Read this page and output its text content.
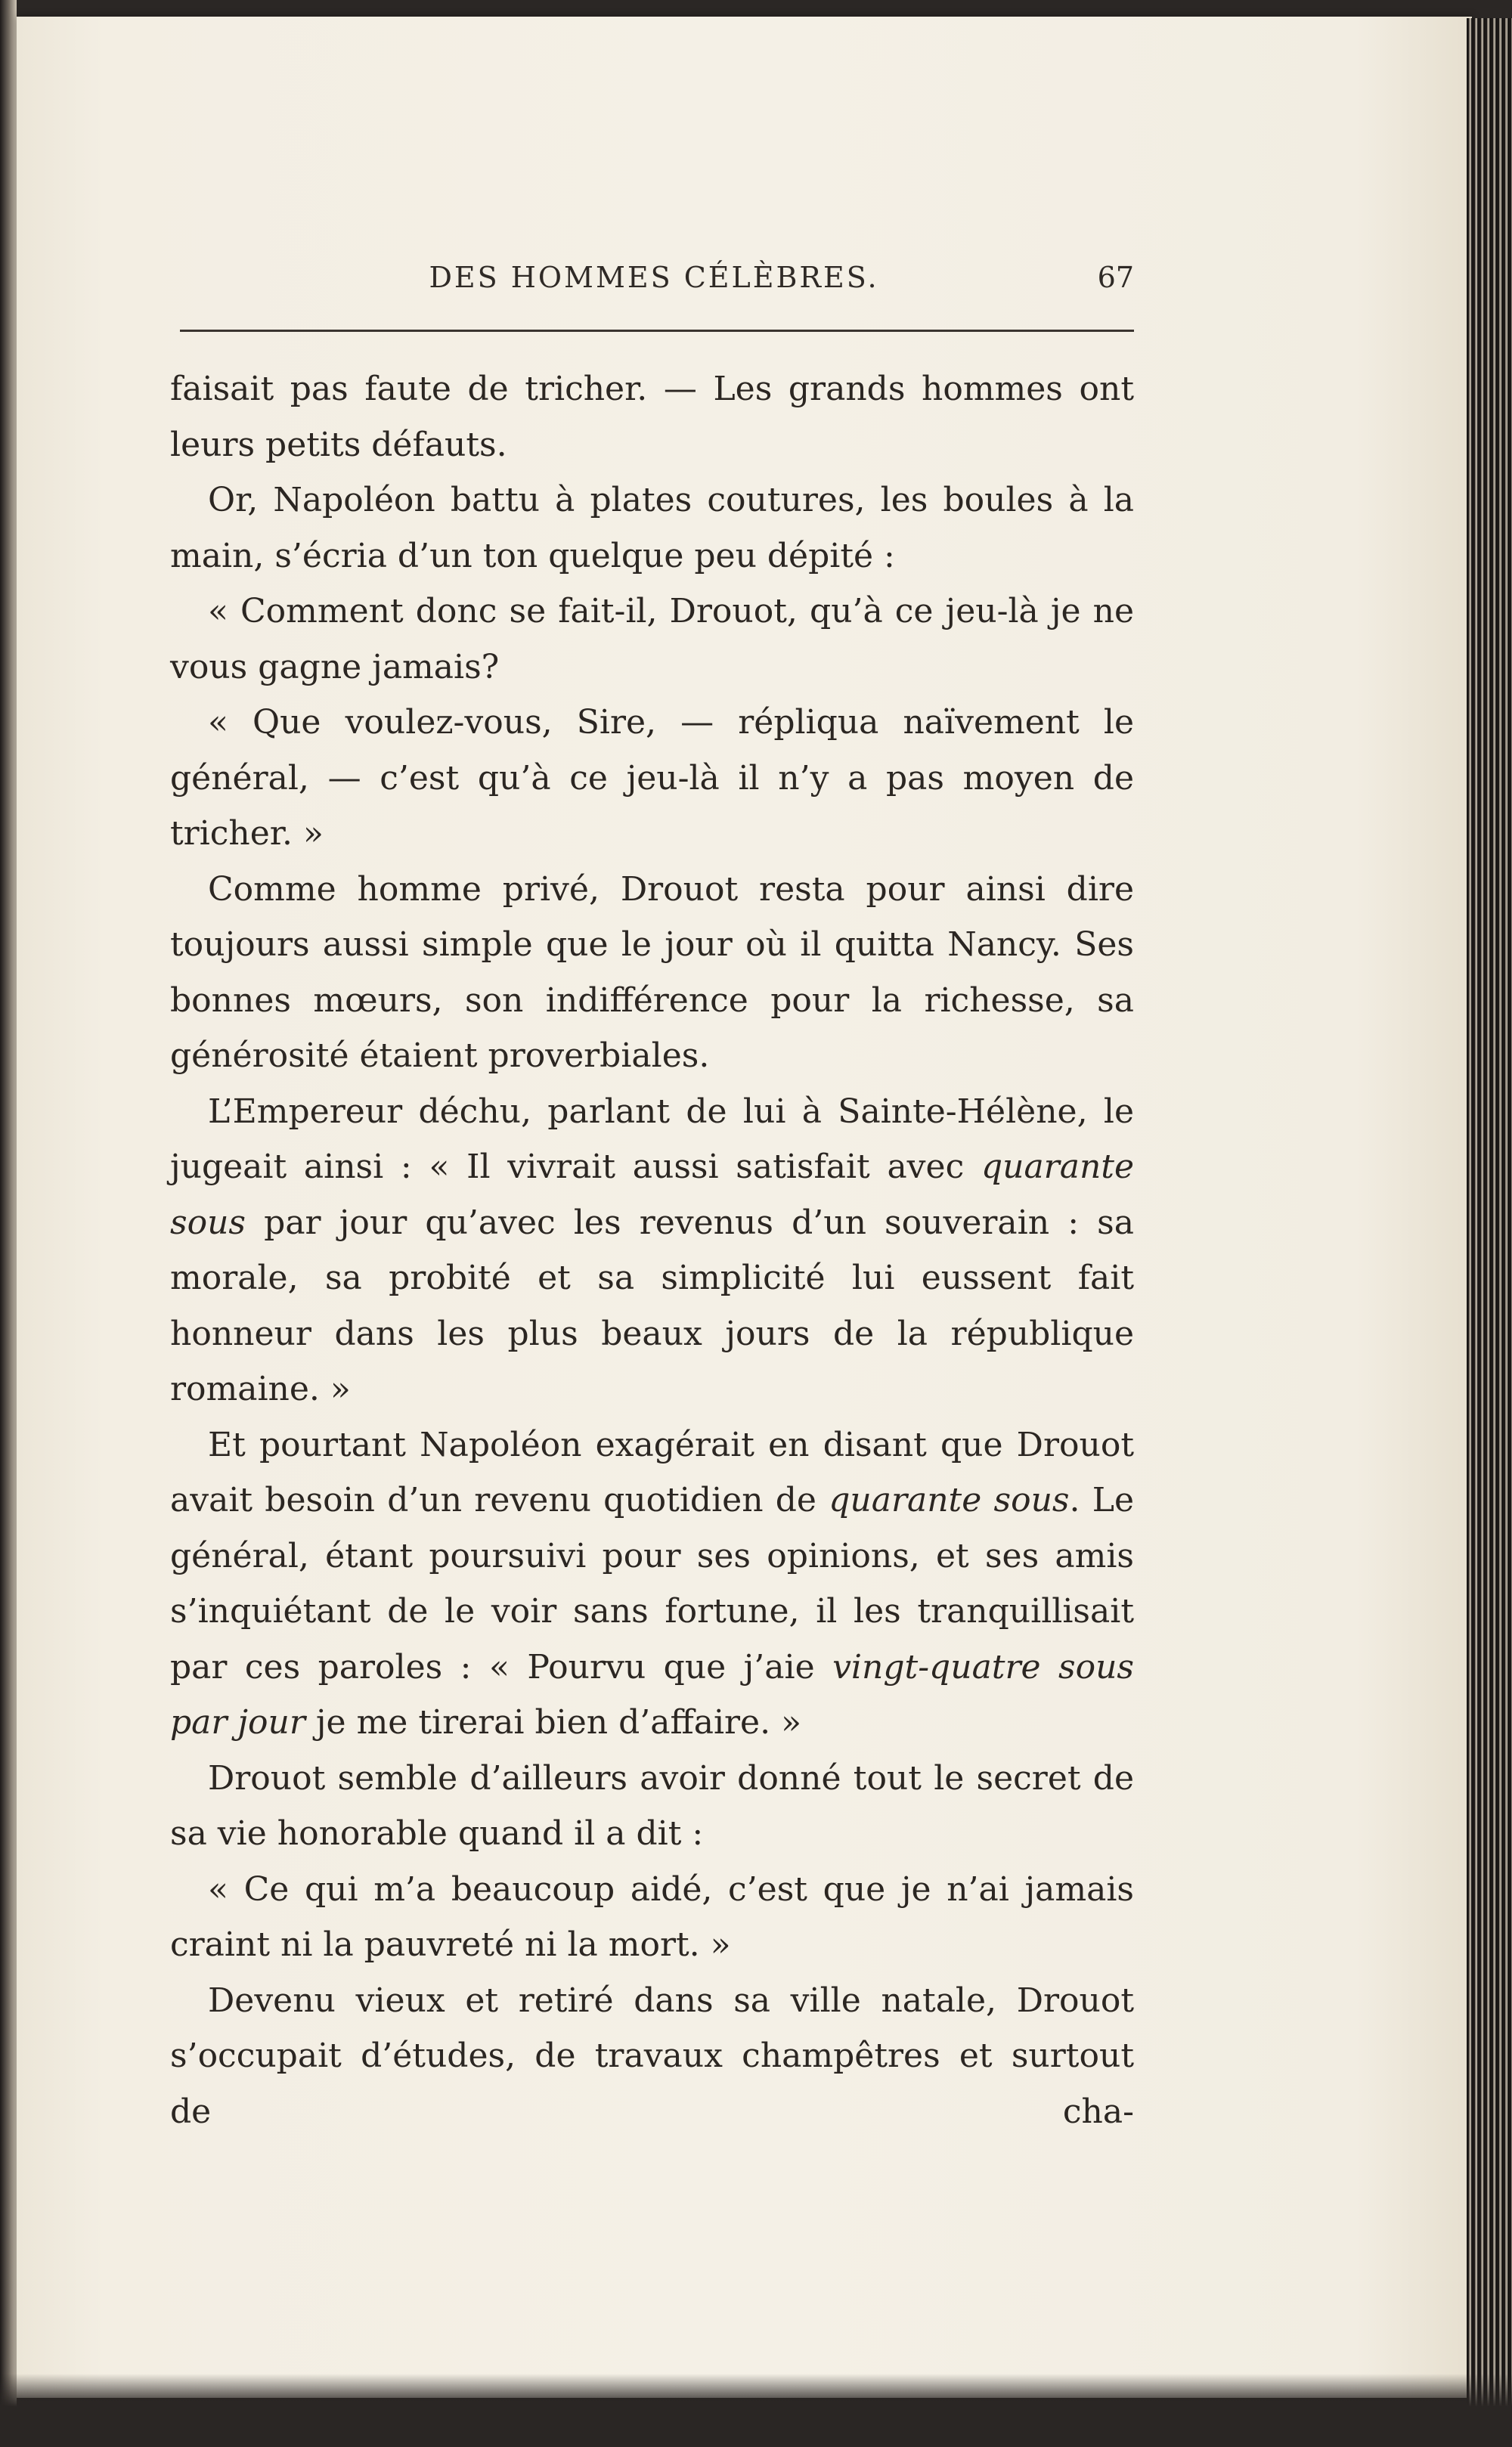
DES HOMMES CÉLÈBRES.	67

faisait pas faute de tricher. — Les grands hommes ont leurs petits défauts.

Or, Napoléon battu à plates coutures, les boules à la main, s’écria d’un ton quelque peu dépité :

« Comment donc se fait-il, Drouot, qu’à ce jeu-là je ne vous gagne jamais?

« Que voulez-vous, Sire, — répliqua naïvement le général, — c’est qu’à ce jeu-là il n’y a pas moyen de tricher. »

Comme homme privé, Drouot resta pour ainsi dire toujours aussi simple que le jour où il quitta Nancy. Ses bonnes mœurs, son indifférence pour la richesse, sa générosité étaient proverbiales.

L’Empereur déchu, parlant de lui à Sainte-Hélène, le jugeait ainsi : « Il vivrait aussi satisfait avec quarante sous par jour qu’avec les revenus d’un souverain : sa morale, sa probité et sa simplicité lui eussent fait honneur dans les plus beaux jours de la république romaine. »

Et pourtant Napoléon exagérait en disant que Drouot avait besoin d’un revenu quotidien de quarante sous. Le général, étant poursuivi pour ses opinions, et ses amis s’inquiétant de le voir sans fortune, il les tranquillisait par ces paroles : « Pourvu que j’aie vingt-quatre sous par jour je me tirerai bien d’affaire. »

Drouot semble d’ailleurs avoir donné tout le secret de sa vie honorable quand il a dit :

« Ce qui m’a beaucoup aidé, c’est que je n’ai jamais craint ni la pauvreté ni la mort. »

Devenu vieux et retiré dans sa ville natale, Drouot s’occupait d’études, de travaux champêtres et surtout de cha-
